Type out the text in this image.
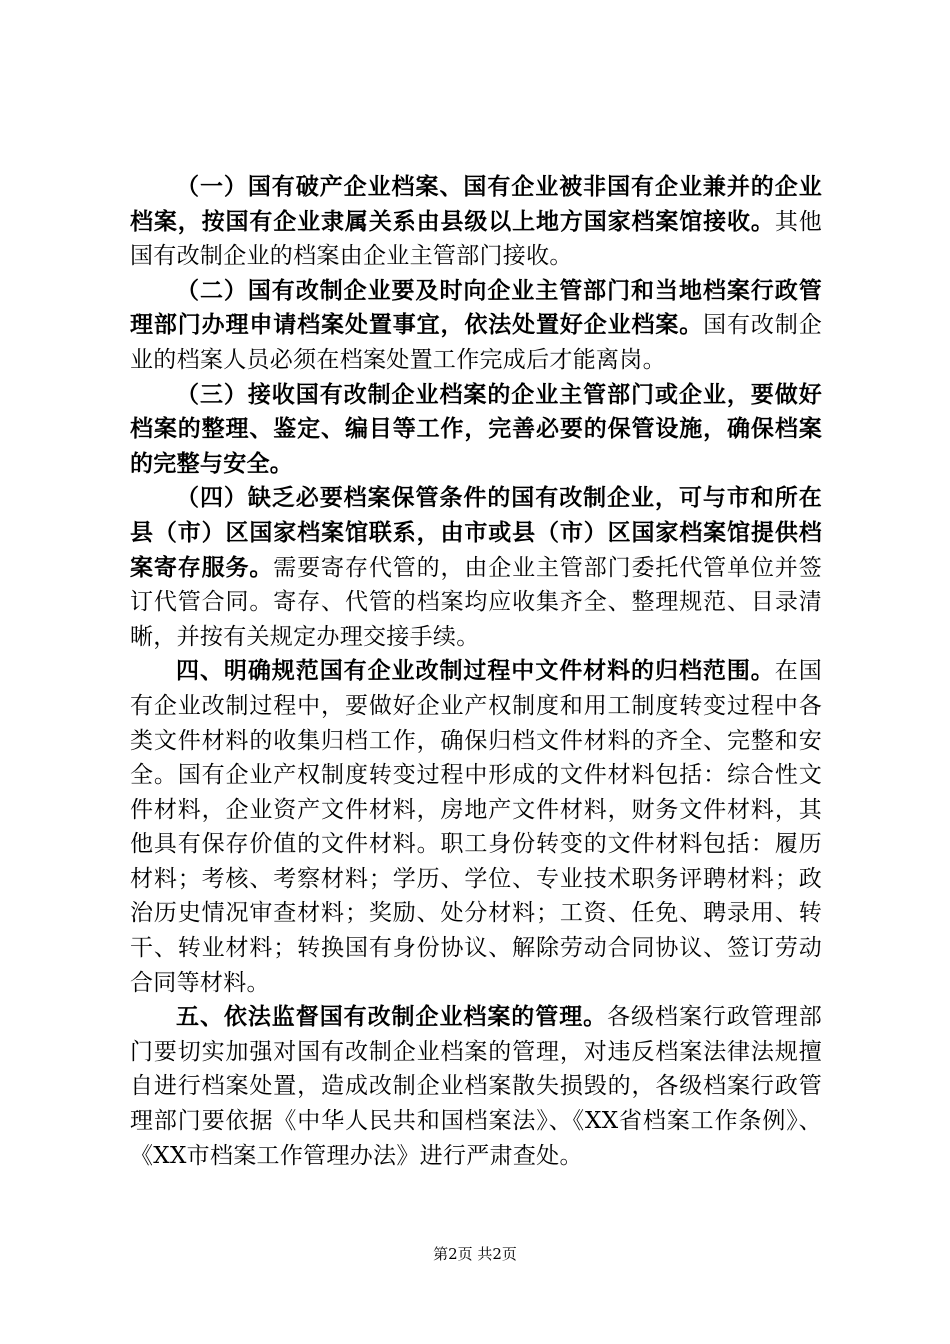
（一）国有破产企业档案、国有企业被非国有企业兼并的企业档案，按国有企业隶属关系由县级以上地方国家档案馆接收。其他国有改制企业的档案由企业主管部门接收。

（二）国有改制企业要及时向企业主管部门和当地档案行政管理部门办理申请档案处置事宜，依法处置好企业档案。国有改制企业的档案人员必须在档案处置工作完成后才能离岗。

（三）接收国有改制企业档案的企业主管部门或企业，要做好档案的整理、鉴定、编目等工作，完善必要的保管设施，确保档案的完整与安全。

（四）缺乏必要档案保管条件的国有改制企业，可与市和所在县（市）区国家档案馆联系，由市或县（市）区国家档案馆提供档案寄存服务。需要寄存代管的，由企业主管部门委托代管单位并签订代管合同。寄存、代管的档案均应收集齐全、整理规范、目录清晰，并按有关规定办理交接手续。

四、明确规范国有企业改制过程中文件材料的归档范围。在国有企业改制过程中，要做好企业产权制度和用工制度转变过程中各类文件材料的收集归档工作，确保归档文件材料的齐全、完整和安全。国有企业产权制度转变过程中形成的文件材料包括：综合性文件材料，企业资产文件材料，房地产文件材料，财务文件材料，其他具有保存价值的文件材料。职工身份转变的文件材料包括：履历材料；考核、考察材料；学历、学位、专业技术职务评聘材料；政治历史情况审查材料；奖励、处分材料；工资、任免、聘录用、转干、转业材料；转换国有身份协议、解除劳动合同协议、签订劳动合同等材料。

五、依法监督国有改制企业档案的管理。各级档案行政管理部门要切实加强对国有改制企业档案的管理，对违反档案法律法规擅自进行档案处置，造成改制企业档案散失损毁的，各级档案行政管理部门要依据《中华人民共和国档案法》、《XX省档案工作条例》、《XX市档案工作管理办法》进行严肃查处。

第2页 共2页
